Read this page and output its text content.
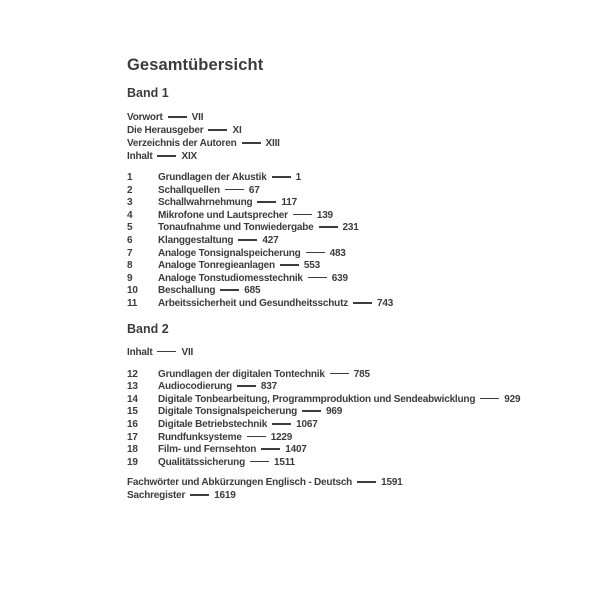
Gesamtübersicht
Band 1
Vorwort	VII
Die Herausgeber	XI
Verzeichnis der Autoren	XIII
Inhalt	XIX
1	Grundlagen der Akustik	1
2	Schallquellen	67
3	Schallwahrnehmung	117
4	Mikrofone und Lautsprecher	139
5	Tonaufnahme und Tonwiedergabe	231
6	Klanggestaltung	427
7	Analoge Tonsignalspeicherung	483
8	Analoge Tonregieanlagen	553
9	Analoge Tonstudiomesstechnik	639
10	Beschallung	685
11	Arbeitssicherheit und Gesundheitsschutz	743
Band 2
Inhalt	VII
12	Grundlagen der digitalen Tontechnik	785
13	Audiocodierung	837
14	Digitale Tonbearbeitung, Programmproduktion und Sendeabwicklung	929
15	Digitale Tonsignalspeicherung	969
16	Digitale Betriebstechnik	1067
17	Rundfunksysteme	1229
18	Film- und Fernsehton	1407
19	Qualitätssicherung	1511
Fachwörter und Abkürzungen Englisch - Deutsch	1591
Sachregister	1619
